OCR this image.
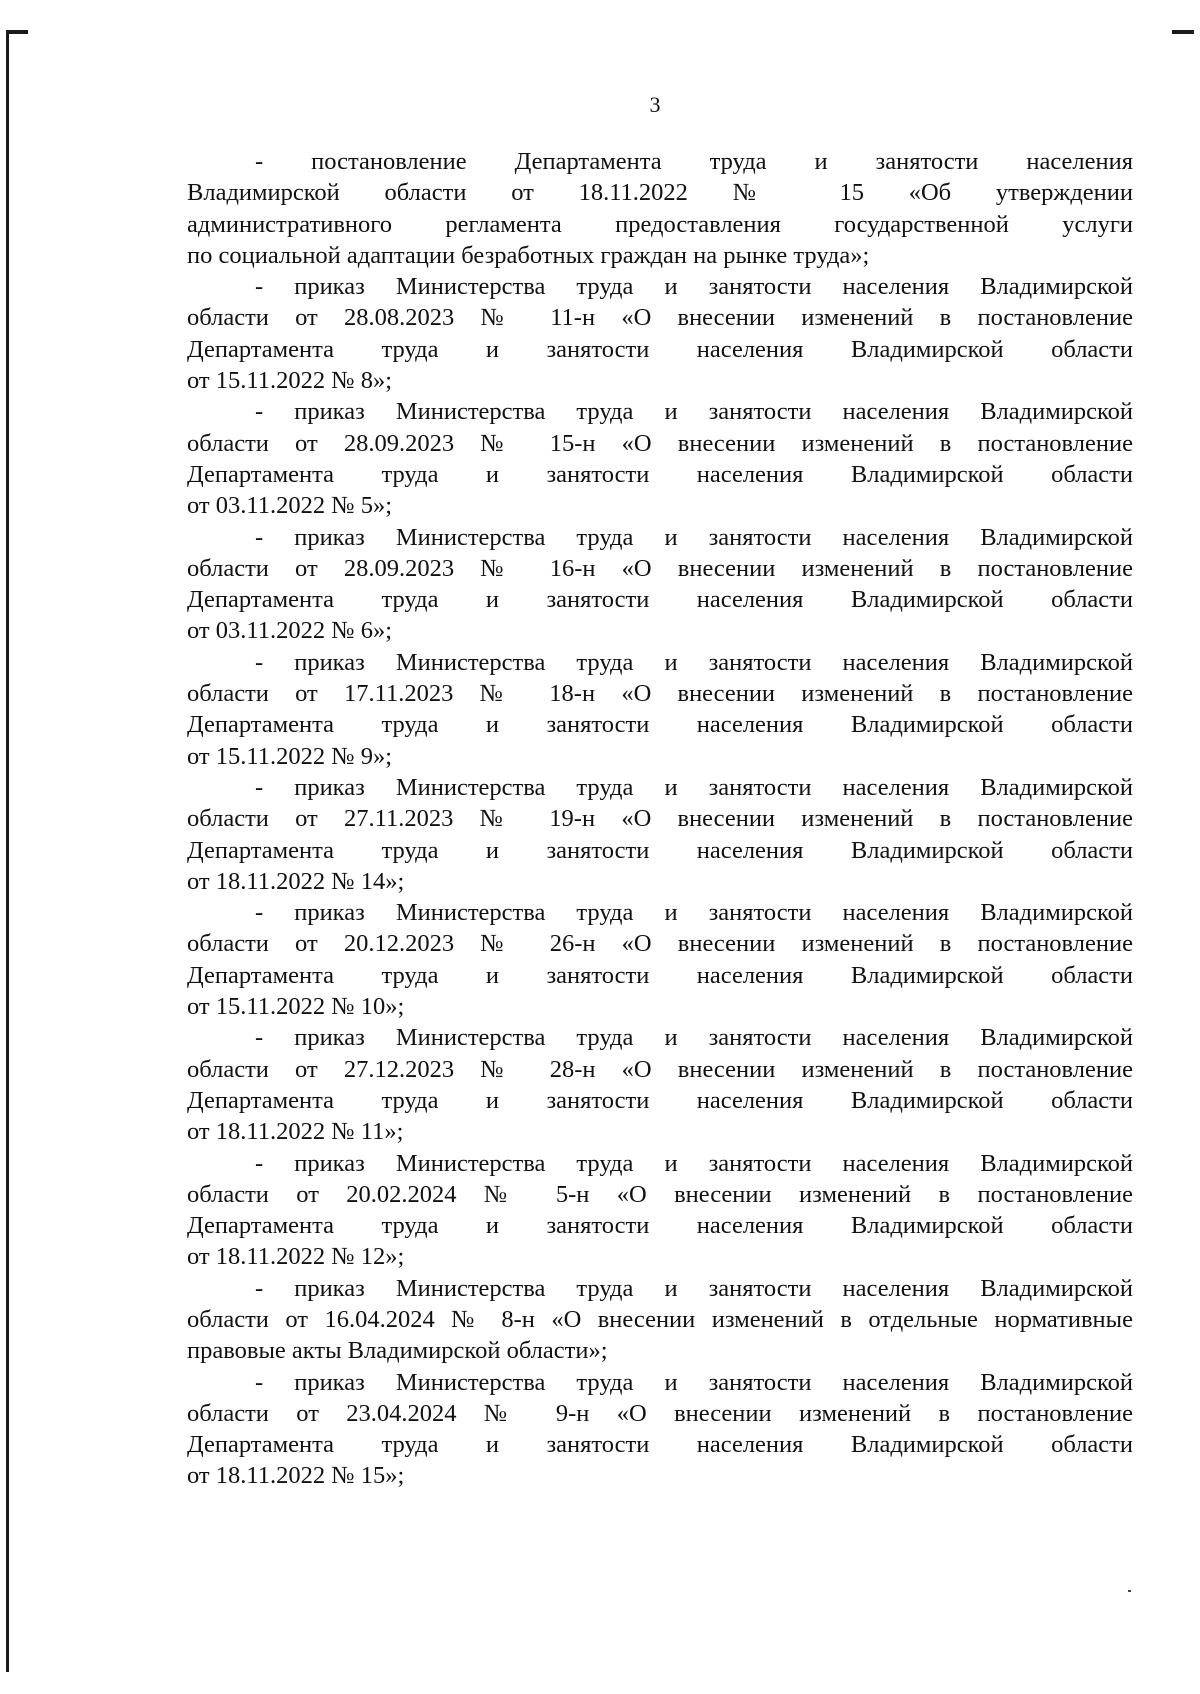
3
- постановление Департамента труда и занятости населения
Владимирской области от 18.11.2022 № 15 «Об утверждении
административного регламента предоставления государственной услуги
по социальной адаптации безработных граждан на рынке труда»;
- приказ Министерства труда и занятости населения Владимирской
области от 28.08.2023 № 11-н «О внесении изменений в постановление
Департамента труда и занятости населения Владимирской области
от 15.11.2022 № 8»;
- приказ Министерства труда и занятости населения Владимирской
области от 28.09.2023 № 15-н «О внесении изменений в постановление
Департамента труда и занятости населения Владимирской области
от 03.11.2022 № 5»;
- приказ Министерства труда и занятости населения Владимирской
области от 28.09.2023 № 16-н «О внесении изменений в постановление
Департамента труда и занятости населения Владимирской области
от 03.11.2022 № 6»;
- приказ Министерства труда и занятости населения Владимирской
области от 17.11.2023 № 18-н «О внесении изменений в постановление
Департамента труда и занятости населения Владимирской области
от 15.11.2022 № 9»;
- приказ Министерства труда и занятости населения Владимирской
области от 27.11.2023 № 19-н «О внесении изменений в постановление
Департамента труда и занятости населения Владимирской области
от 18.11.2022 № 14»;
- приказ Министерства труда и занятости населения Владимирской
области от 20.12.2023 № 26-н «О внесении изменений в постановление
Департамента труда и занятости населения Владимирской области
от 15.11.2022 № 10»;
- приказ Министерства труда и занятости населения Владимирской
области от 27.12.2023 № 28-н «О внесении изменений в постановление
Департамента труда и занятости населения Владимирской области
от 18.11.2022 № 11»;
- приказ Министерства труда и занятости населения Владимирской
области от 20.02.2024 № 5-н «О внесении изменений в постановление
Департамента труда и занятости населения Владимирской области
от 18.11.2022 № 12»;
- приказ Министерства труда и занятости населения Владимирской
области от 16.04.2024 № 8-н «О внесении изменений в отдельные нормативные
правовые акты Владимирской области»;
- приказ Министерства труда и занятости населения Владимирской
области от 23.04.2024 № 9-н «О внесении изменений в постановление
Департамента труда и занятости населения Владимирской области
от 18.11.2022 № 15»;
